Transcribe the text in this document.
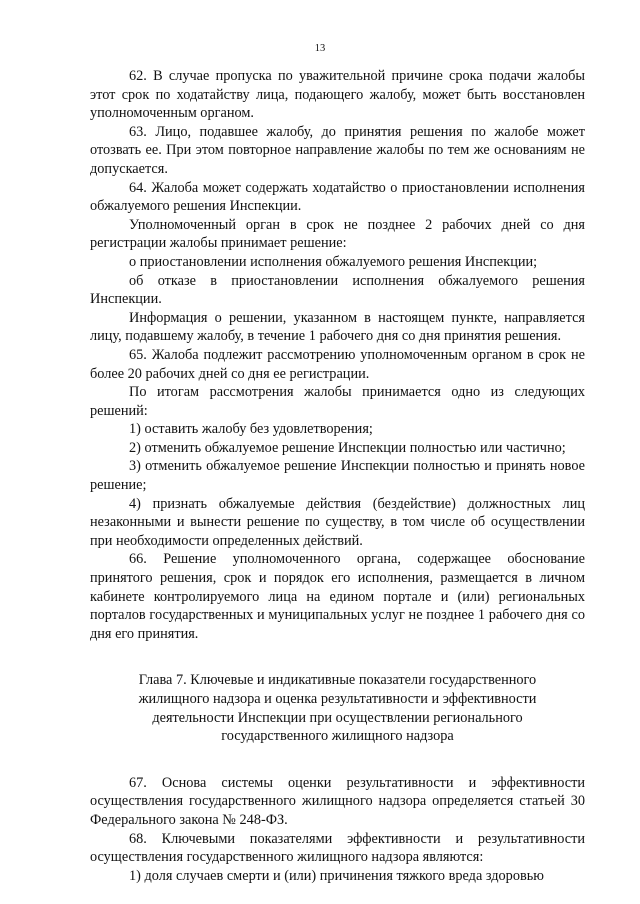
13

62. В случае пропуска по уважительной причине срока подачи жалобы этот срок по ходатайству лица, подающего жалобу, может быть восстановлен уполномоченным органом.

63. Лицо, подавшее жалобу, до принятия решения по жалобе может отозвать ее. При этом повторное направление жалобы по тем же основаниям не допускается.

64. Жалоба может содержать ходатайство о приостановлении исполнения обжалуемого решения Инспекции.

Уполномоченный орган в срок не позднее 2 рабочих дней со дня регистрации жалобы принимает решение:

о приостановлении исполнения обжалуемого решения Инспекции;

об отказе в приостановлении исполнения обжалуемого решения Инспекции.

Информация о решении, указанном в настоящем пункте, направляется лицу, подавшему жалобу, в течение 1 рабочего дня со дня принятия решения.

65. Жалоба подлежит рассмотрению уполномоченным органом в срок не более 20 рабочих дней со дня ее регистрации.

По итогам рассмотрения жалобы принимается одно из следующих решений:

1) оставить жалобу без удовлетворения;

2) отменить обжалуемое решение Инспекции полностью или частично;

3) отменить обжалуемое решение Инспекции полностью и принять новое решение;

4) признать обжалуемые действия (бездействие) должностных лиц незаконными и вынести решение по существу, в том числе об осуществлении при необходимости определенных действий.

66. Решение уполномоченного органа, содержащее обоснование принятого решения, срок и порядок его исполнения, размещается в личном кабинете контролируемого лица на едином портале и (или) региональных порталов государственных и муниципальных услуг не позднее 1 рабочего дня со дня его принятия.

Глава 7. Ключевые и индикативные показатели государственного
жилищного надзора и оценка результативности и эффективности
деятельности Инспекции при осуществлении регионального
государственного жилищного надзора

67. Основа системы оценки результативности и эффективности осуществления государственного жилищного надзора определяется статьей 30 Федерального закона № 248-ФЗ.

68. Ключевыми показателями эффективности и результативности осуществления государственного жилищного надзора являются:

1) доля случаев смерти и (или) причинения тяжкого вреда здоровью
